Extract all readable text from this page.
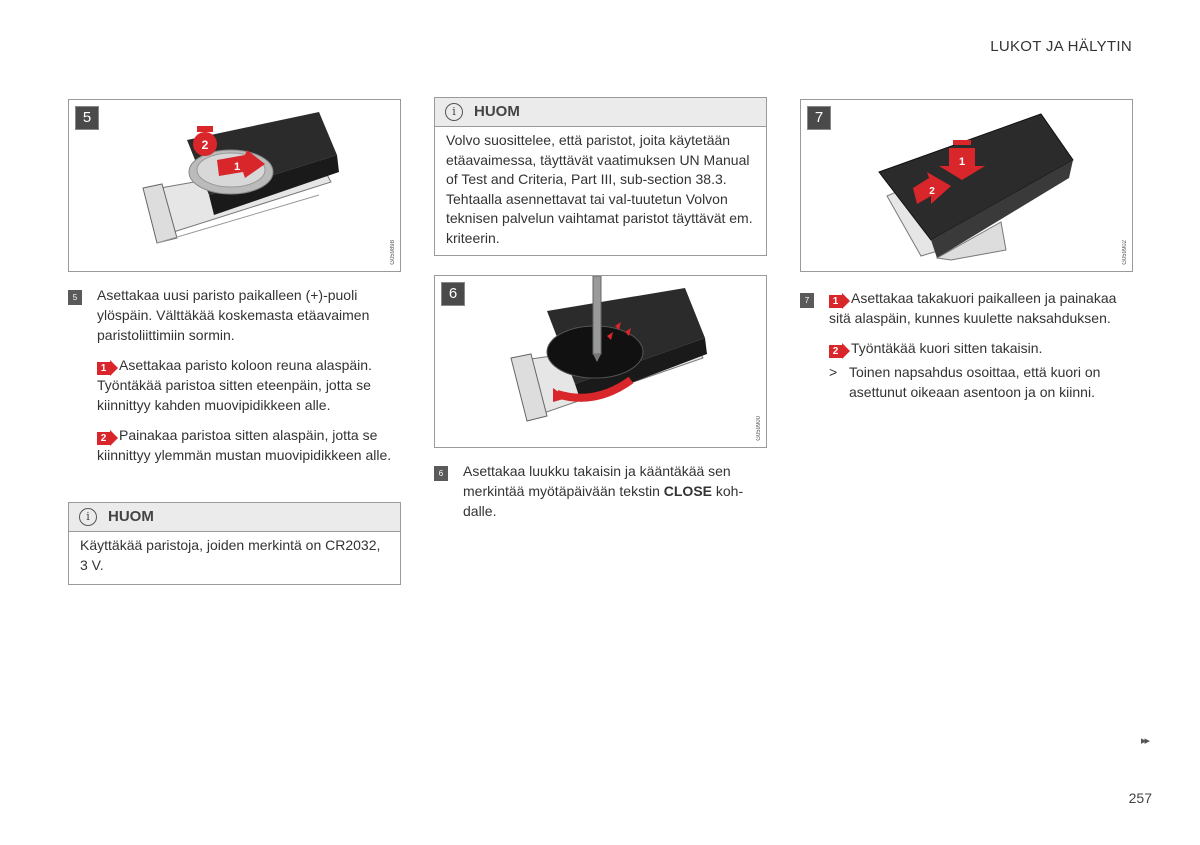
LUKOT JA HÄLYTIN
2
1
5
G059898
5	Asettakaa uusi paristo paikalleen (+)-puoli ylöspäin. Välttäkää koskemasta etäavaimen paristoliittimiin sormin.
1 Asettakaa paristo koloon reuna alaspäin. Työntäkää paristoa sitten eteenpäin, jotta se kiinnittyy kahden muovipidikkeen alle.
2 Painakaa paristoa sitten alaspäin, jotta se kiinnittyy ylemmän mustan muovipidikkeen alle.
i	HUOM
Käyttäkää paristoja, joiden merkintä on CR2032, 3 V.
i	HUOM
Volvo suosittelee, että paristot, joita käytetään etäavaimessa, täyttävät vaatimuksen UN Manual of Test and Criteria, Part III, sub-section 38.3. Tehtaalla asennettavat tai val-tuutetun Volvon teknisen palvelun vaihtamat paristot täyttävät em. kriteerin.
6
G059900
6	Asettakaa luukku takaisin ja kääntäkää sen merkintää myötäpäivään tekstin CLOSE koh-dalle.
1
2
7
G059902
7	1 Asettakaa takakuori paikalleen ja painakaa sitä alaspäin, kunnes kuulette naksahduksen.
2 Työntäkää kuori sitten takaisin.
> Toinen napsahdus osoittaa, että kuori on asettunut oikeaan asentoon ja on kiinni.
▸▸
257
